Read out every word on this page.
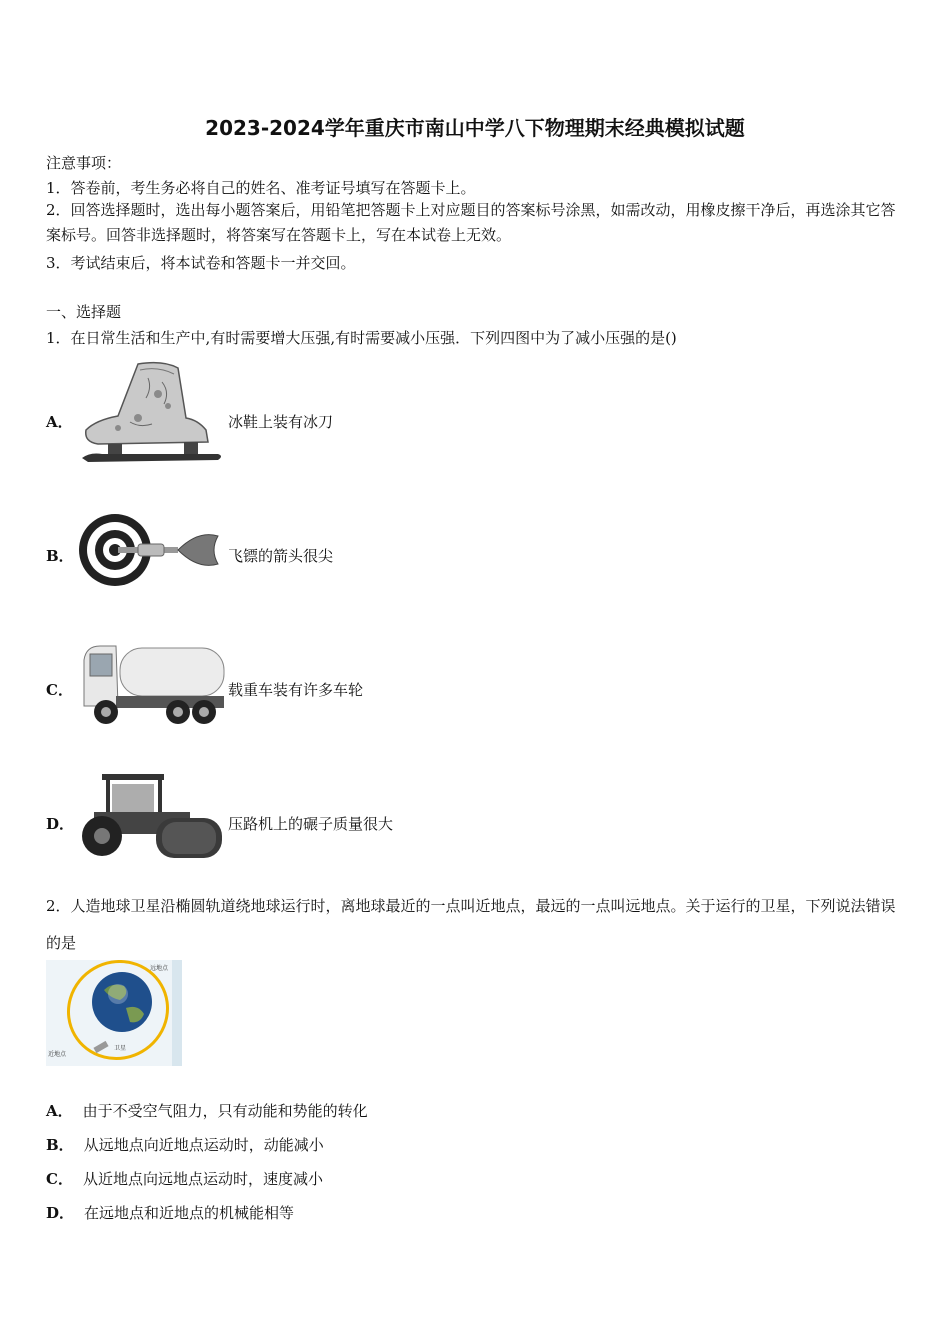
2023-2024学年重庆市南山中学八下物理期末经典模拟试题
注意事项：
1．答卷前，考生务必将自己的姓名、准考证号填写在答题卡上。
2．回答选择题时，选出每小题答案后，用铅笔把答题卡上对应题目的答案标号涂黑，如需改动，用橡皮擦干净后，再选涂其它答案标号。回答非选择题时，将答案写在答题卡上，写在本试卷上无效。
3．考试结束后，将本试卷和答题卡一并交回。
一、选择题
1．在日常生活和生产中,有时需要增大压强,有时需要减小压强．下列四图中为了减小压强的是()
A．	冰鞋上装有冰刀
B．	飞镖的箭头很尖
C．	载重车装有许多车轮
D．	压路机上的碾子质量很大
2．人造地球卫星沿椭圆轨道绕地球运行时，离地球最近的一点叫近地点，最远的一点叫远地点。关于运行的卫星，下列说法错误的是
远地点
近地点
卫星
A． 由于不受空气阻力，只有动能和势能的转化
B． 从远地点向近地点运动时，动能减小
C． 从近地点向远地点运动时，速度减小
D． 在远地点和近地点的机械能相等
